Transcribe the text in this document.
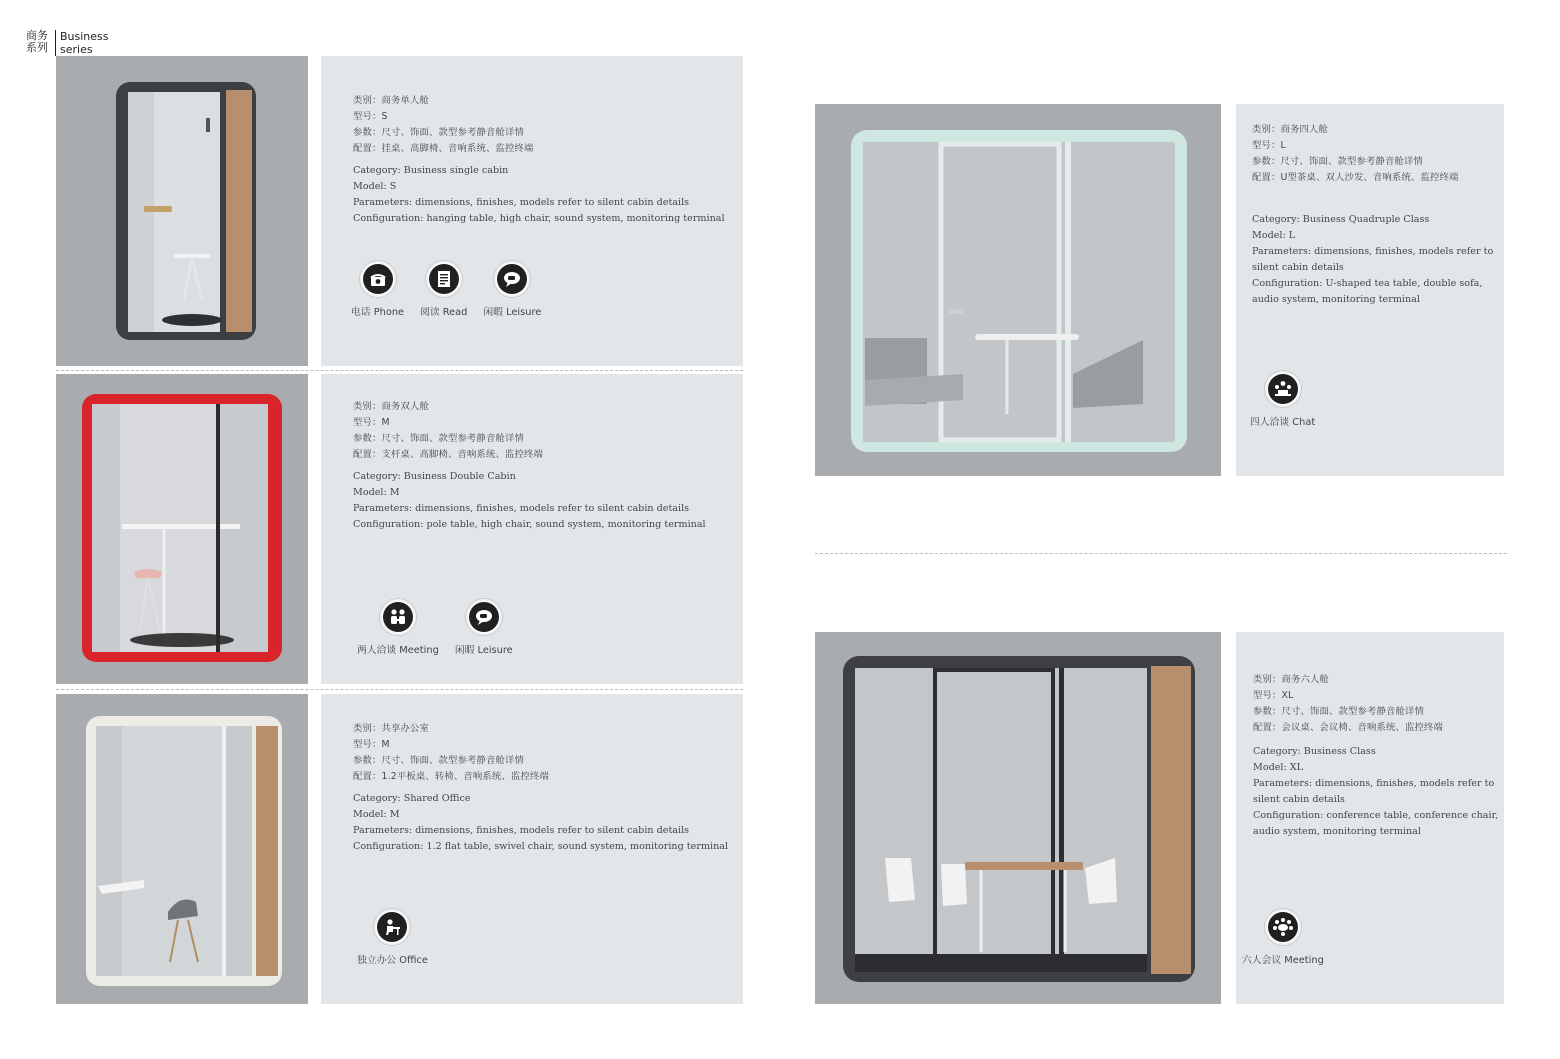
商务系列
Business
series
类别：商务单人舱
型号：S
参数：尺寸、饰面、款型参考静音舱详情
配置：挂桌、高脚椅、音响系统、监控终端
Category: Business single cabin
Model: S
Parameters: dimensions, finishes, models refer to silent cabin details
Configuration: hanging table, high chair, sound system, monitoring terminal
电话 Phone 阅读 Read 闲暇 Leisure
类别：商务双人舱
型号：M
参数：尺寸、饰面、款型参考静音舱详情
配置：支杆桌、高脚椅、音响系统、监控终端
Category: Business Double Cabin
Model: M
Parameters: dimensions, finishes, models refer to silent cabin details
Configuration: pole table, high chair, sound system, monitoring terminal
两人洽谈 Meeting 闲暇 Leisure
类别：共享办公室
型号：M
参数：尺寸、饰面、款型参考静音舱详情
配置：1.2平板桌、转椅、音响系统、监控终端
Category: Shared Office
Model: M
Parameters: dimensions, finishes, models refer to silent cabin details
Configuration: 1.2 flat table, swivel chair, sound system, monitoring terminal
独立办公 Office
类别：商务四人舱
型号：L
参数：尺寸、饰面、款型参考静音舱详情
配置：U型茶桌、双人沙发、音响系统、监控终端
Category: Business Quadruple Class
Model: L
Parameters: dimensions, finishes, models refer to
silent cabin details
Configuration: U-shaped tea table, double sofa,
audio system, monitoring terminal
四人洽谈 Chat
类别：商务六人舱
型号：XL
参数：尺寸、饰面、款型参考静音舱详情
配置：会议桌、会议椅、音响系统、监控终端
Category: Business Class
Model: XL
Parameters: dimensions, finishes, models refer to
silent cabin details
Configuration: conference table, conference chair,
audio system, monitoring terminal
六人会议 Meeting
